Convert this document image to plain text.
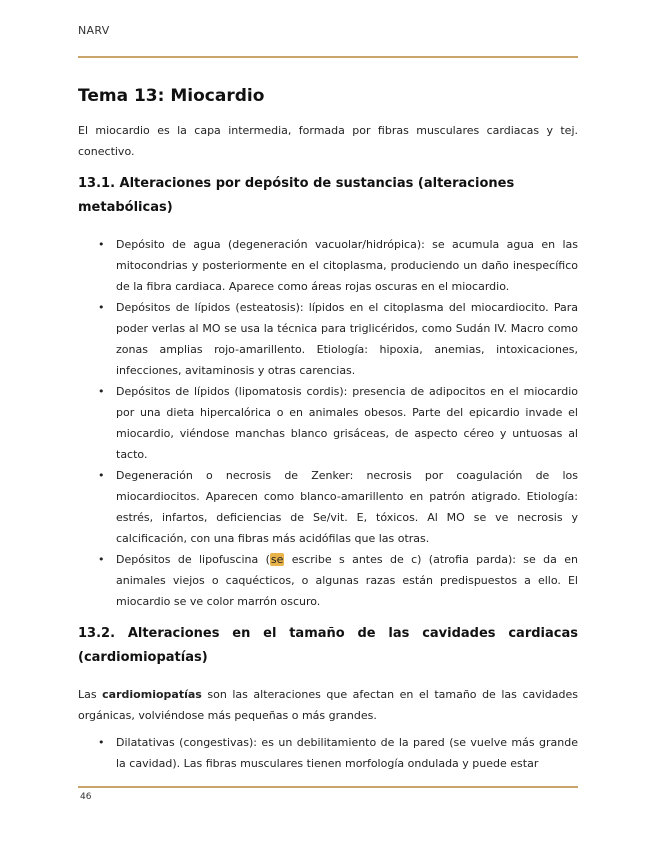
NARV
Tema 13: Miocardio

El miocardio es la capa intermedia, formada por fibras musculares cardiacas y tej. conectivo.

13.1. Alteraciones por depósito de sustancias (alteraciones metabólicas)
• Depósito de agua (degeneración vacuolar/hidrópica): se acumula agua en las mitocondrias y posteriormente en el citoplasma, produciendo un daño inespecífico de la fibra cardiaca. Aparece como áreas rojas oscuras en el miocardio.
• Depósitos de lípidos (esteatosis): lípidos en el citoplasma del miocardiocito. Para poder verlas al MO se usa la técnica para triglicéridos, como Sudán IV. Macro como zonas amplias rojo-amarillento. Etiología: hipoxia, anemias, intoxicaciones, infecciones, avitaminosis y otras carencias.
• Depósitos de lípidos (lipomatosis cordis): presencia de adipocitos en el miocardio por una dieta hipercalórica o en animales obesos. Parte del epicardio invade el miocardio, viéndose manchas blanco grisáceas, de aspecto céreo y untuosas al tacto.
• Degeneración o necrosis de Zenker: necrosis por coagulación de los miocardiocitos. Aparecen como blanco-amarillento en patrón atigrado. Etiología: estrés, infartos, deficiencias de Se/vit. E, tóxicos. Al MO se ve necrosis y calcificación, con una fibras más acidófilas que las otras.
• Depósitos de lipofuscina (se escribe s antes de c) (atrofia parda): se da en animales viejos o caquécticos, o algunas razas están predispuestos a ello. El miocardio se ve color marrón oscuro.
13.2. Alteraciones en el tamaño de las cavidades cardiacas (cardiomiopatías)

Las cardiomiopatías son las alteraciones que afectan en el tamaño de las cavidades orgánicas, volviéndose más pequeñas o más grandes.

• Dilatativas (congestivas): es un debilitamiento de la pared (se vuelve más grande la cavidad). Las fibras musculares tienen morfología ondulada y puede estar
46
